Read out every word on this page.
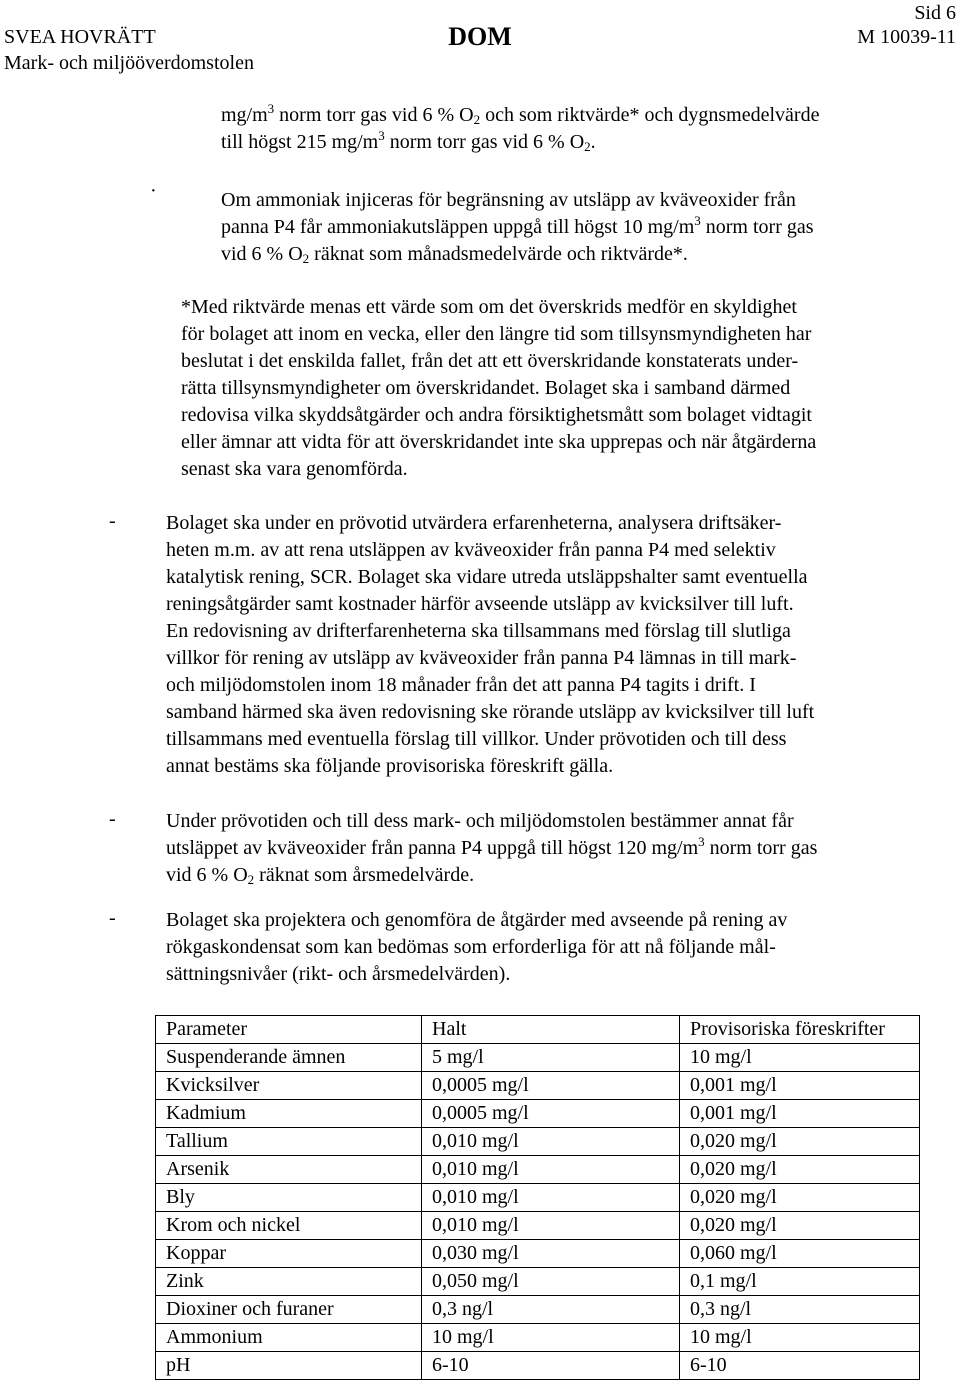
Sid 6
SVEA HOVRÄTT	DOM	M 10039-11
Mark- och miljööverdomstolen
$mg/m^3$ norm torr gas vid 6 % $O_2$ och som riktvärde* och dygnsmedelvärde
till högst 215 $mg/m^3$ norm torr gas vid 6 % $O_2$.
·	Om ammoniak injiceras för begränsning av utsläpp av kväveoxider från
panna P4 får ammoniakutsläppen uppgå till högst 10 $mg/m^3$ norm torr gas
vid 6 % $O_2$ räknat som månadsmedelvärde och riktvärde*.
*Med riktvärde menas ett värde som om det överskrids medför en skyldighet
för bolaget att inom en vecka, eller den längre tid som tillsynsmyndigheten har
beslutat i det enskilda fallet, från det att ett överskridande konstaterats under-
rätta tillsynsmyndigheter om överskridandet. Bolaget ska i samband därmed
redovisa vilka skyddsåtgärder och andra försiktighetsmått som bolaget vidtagit
eller ämnar att vidta för att överskridandet inte ska upprepas och när åtgärderna
senast ska vara genomförda.
-	Bolaget ska under en prövotid utvärdera erfarenheterna, analysera driftsäker-
heten m.m. av att rena utsläppen av kväveoxider från panna P4 med selektiv
katalytisk rening, SCR. Bolaget ska vidare utreda utsläppshalter samt eventuella
reningsåtgärder samt kostnader härför avseende utsläpp av kvicksilver till luft.
En redovisning av drifterfarenheterna ska tillsammans med förslag till slutliga
villkor för rening av utsläpp av kväveoxider från panna P4 lämnas in till mark-
och miljödomstolen inom 18 månader från det att panna P4 tagits i drift. I
samband härmed ska även redovisning ske rörande utsläpp av kvicksilver till luft
tillsammans med eventuella förslag till villkor. Under prövotiden och till dess
annat bestäms ska följande provisoriska föreskrift gälla.
-	Under prövotiden och till dess mark- och miljödomstolen bestämmer annat får
utsläppet av kväveoxider från panna P4 uppgå till högst 120 $mg/m^3$ norm torr gas
vid 6 % $O_2$ räknat som årsmedelvärde.
-	Bolaget ska projektera och genomföra de åtgärder med avseende på rening av
rökgaskondensat som kan bedömas som erforderliga för att nå följande mål-
sättningsnivåer (rikt- och årsmedelvärden).
Parameter	Halt	Provisoriska föreskrifter
Suspenderande ämnen	5 mg/l	10 mg/l
Kvicksilver	0,0005 mg/l	0,001 mg/l
Kadmium	0,0005 mg/l	0,001 mg/l
Tallium	0,010 mg/l	0,020 mg/l
Arsenik	0,010 mg/l	0,020 mg/l
Bly	0,010 mg/l	0,020 mg/l
Krom och nickel	0,010 mg/l	0,020 mg/l
Koppar	0,030 mg/l	0,060 mg/l
Zink	0,050 mg/l	0,1 mg/l
Dioxiner och furaner	0,3 ng/l	0,3 ng/l
Ammonium	10 mg/l	10 mg/l
pH	6-10	6-10
